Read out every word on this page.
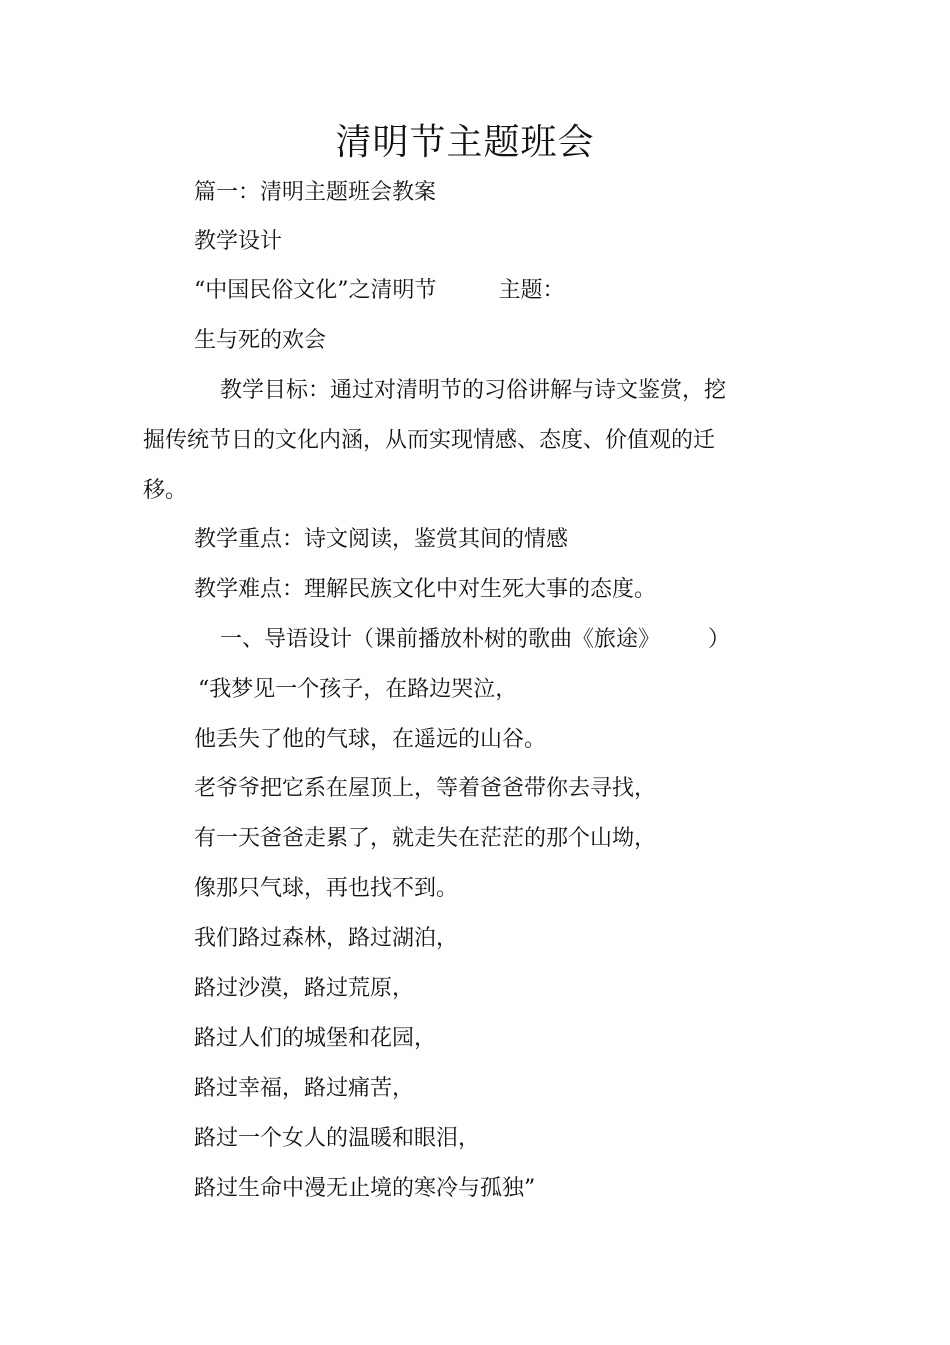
清明节主题班会
篇一：清明主题班会教案
教学设计
“中国民俗文化”之清明节	主题：
生与死的欢会
教学目标：通过对清明节的习俗讲解与诗文鉴赏，挖
掘传统节日的文化内涵，从而实现情感、态度、价值观的迁
移。
教学重点：诗文阅读，鉴赏其间的情感
教学难点：理解民族文化中对生死大事的态度。
一、导语设计（课前播放朴树的歌曲《旅途》 ）
“我梦见一个孩子，在路边哭泣，
他丢失了他的气球，在遥远的山谷。
老爷爷把它系在屋顶上，等着爸爸带你去寻找，
有一天爸爸走累了，就走失在茫茫的那个山坳，
像那只气球，再也找不到。
我们路过森林，路过湖泊，
路过沙漠，路过荒原，
路过人们的城堡和花园，
路过幸福，路过痛苦，
路过一个女人的温暖和眼泪，
路过生命中漫无止境的寒冷与孤独”
